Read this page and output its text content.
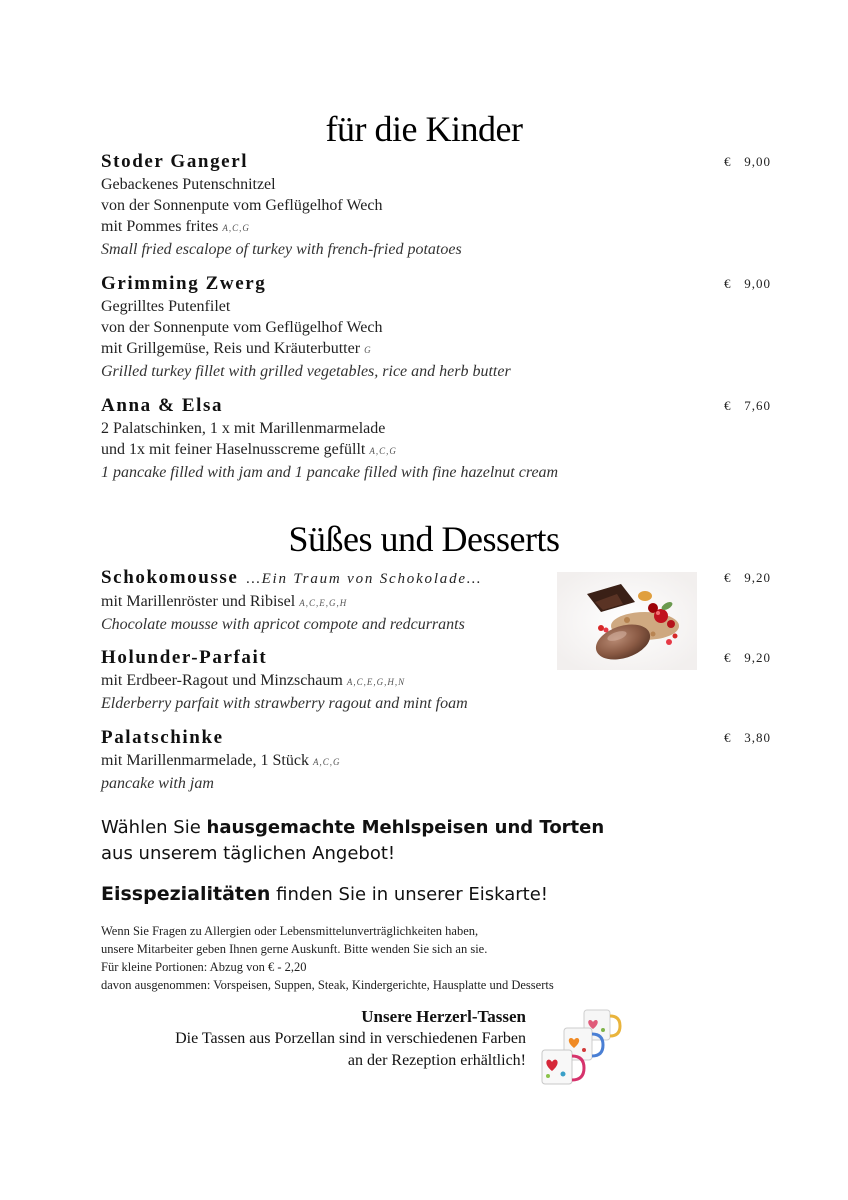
für die Kinder
Stoder Gangerl	€   9,00
Gebackenes Putenschnitzel
von der Sonnenpute vom Geflügelhof Wech
mit Pommes frites A,C,G
Small fried escalope of turkey with french-fried potatoes
Grimming Zwerg	€   9,00
Gegrilltes Putenfilet
von der Sonnenpute vom Geflügelhof Wech
mit Grillgemüse, Reis und Kräuterbutter G
Grilled turkey fillet with grilled vegetables, rice and herb butter
Anna & Elsa	€   7,60
2 Palatschinken, 1 x mit Marillenmarmelade
und 1x mit feiner Haselnusscreme gefüllt A,C,G
1 pancake filled with jam and 1 pancake filled with fine hazelnut cream
Süßes und Desserts
Schokomousse …Ein Traum von Schokolade…	€   9,20
mit Marillenröster und Ribisel A,C,E,G,H
Chocolate mousse with apricot compote and redcurrants
Holunder-Parfait	€   9,20
mit Erdbeer-Ragout und Minzschaum A,C,E,G,H,N
Elderberry parfait with strawberry ragout and mint foam
Palatschinke	€   3,80
mit Marillenmarmelade, 1 Stück A,C,G
pancake with jam
Wählen Sie hausgemachte Mehlspeisen und Torten
aus unserem täglichen Angebot!
Eisspezialitäten finden Sie in unserer Eiskarte!
Wenn Sie Fragen zu Allergien oder Lebensmittelunverträglichkeiten haben,
unsere Mitarbeiter geben Ihnen gerne Auskunft. Bitte wenden Sie sich an sie.
Für kleine Portionen: Abzug von € - 2,20
davon ausgenommen: Vorspeisen, Suppen, Steak, Kindergerichte, Hausplatte und Desserts
Unsere Herzerl-Tassen
Die Tassen aus Porzellan sind in verschiedenen Farben
an der Rezeption erhältlich!
